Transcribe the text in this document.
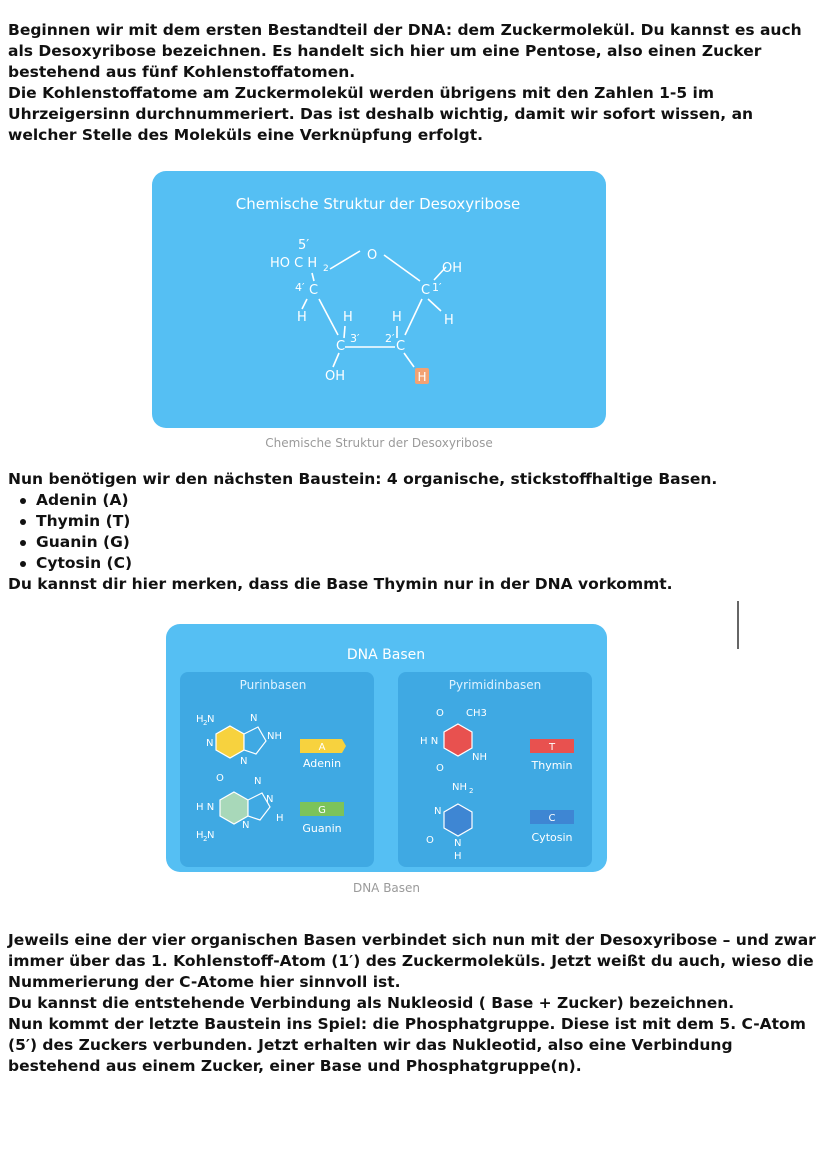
Beginnen wir mit dem ersten Bestandteil der DNA: dem Zuckermolekül. Du kannst es auch als Desoxyribose bezeichnen. Es handelt sich hier um eine Pentose, also einen Zucker bestehend aus fünf Kohlenstoffatomen.

Die Kohlenstoffatome am Zuckermolekül werden übrigens mit den Zahlen 1-5 im Uhrzeigersinn durchnummeriert. Das ist deshalb wichtig, damit wir sofort wissen, an welcher Stelle des Moleküls eine Verknüpfung erfolgt.

Chemische Struktur der Desoxyribose
5′
HO C H 2
O
OH
4′ C	C 1′
H	H	H	H
3′ 2′
C	C
OH	H
Chemische Struktur der Desoxyribose

Nun benötigen wir den nächsten Baustein: 4 organische, stickstoffhaltige Basen.

Adenin (A)
Thymin (T)
Guanin (G)
Cytosin (C)

Du kannst dir hier merken, dass die Base Thymin nur in der DNA vorkommt.

DNA Basen
Purinbasen	Pyrimidinbasen
H 2 N	N
NH
N
N
A
Adenin
O	N
N
H N
H
N
H 2 N
G
Guanin
O CH3
H N
NH
O
T
Thymin
NH 2
N
O N
H
C
Cytosin
DNA Basen

Jeweils eine der vier organischen Basen verbindet sich nun mit der Desoxyribose – und zwar immer über das 1. Kohlenstoff-Atom (1′) des Zuckermoleküls. Jetzt weißt du auch, wieso die Nummerierung der C-Atome hier sinnvoll ist.

Du kannst die entstehende Verbindung als Nukleosid ( Base + Zucker) bezeichnen.

Nun kommt der letzte Baustein ins Spiel: die Phosphatgruppe. Diese ist mit dem 5. C-Atom (5′) des Zuckers verbunden. Jetzt erhalten wir das Nukleotid, also eine Verbindung bestehend aus einem Zucker, einer Base und Phosphatgruppe(n).
